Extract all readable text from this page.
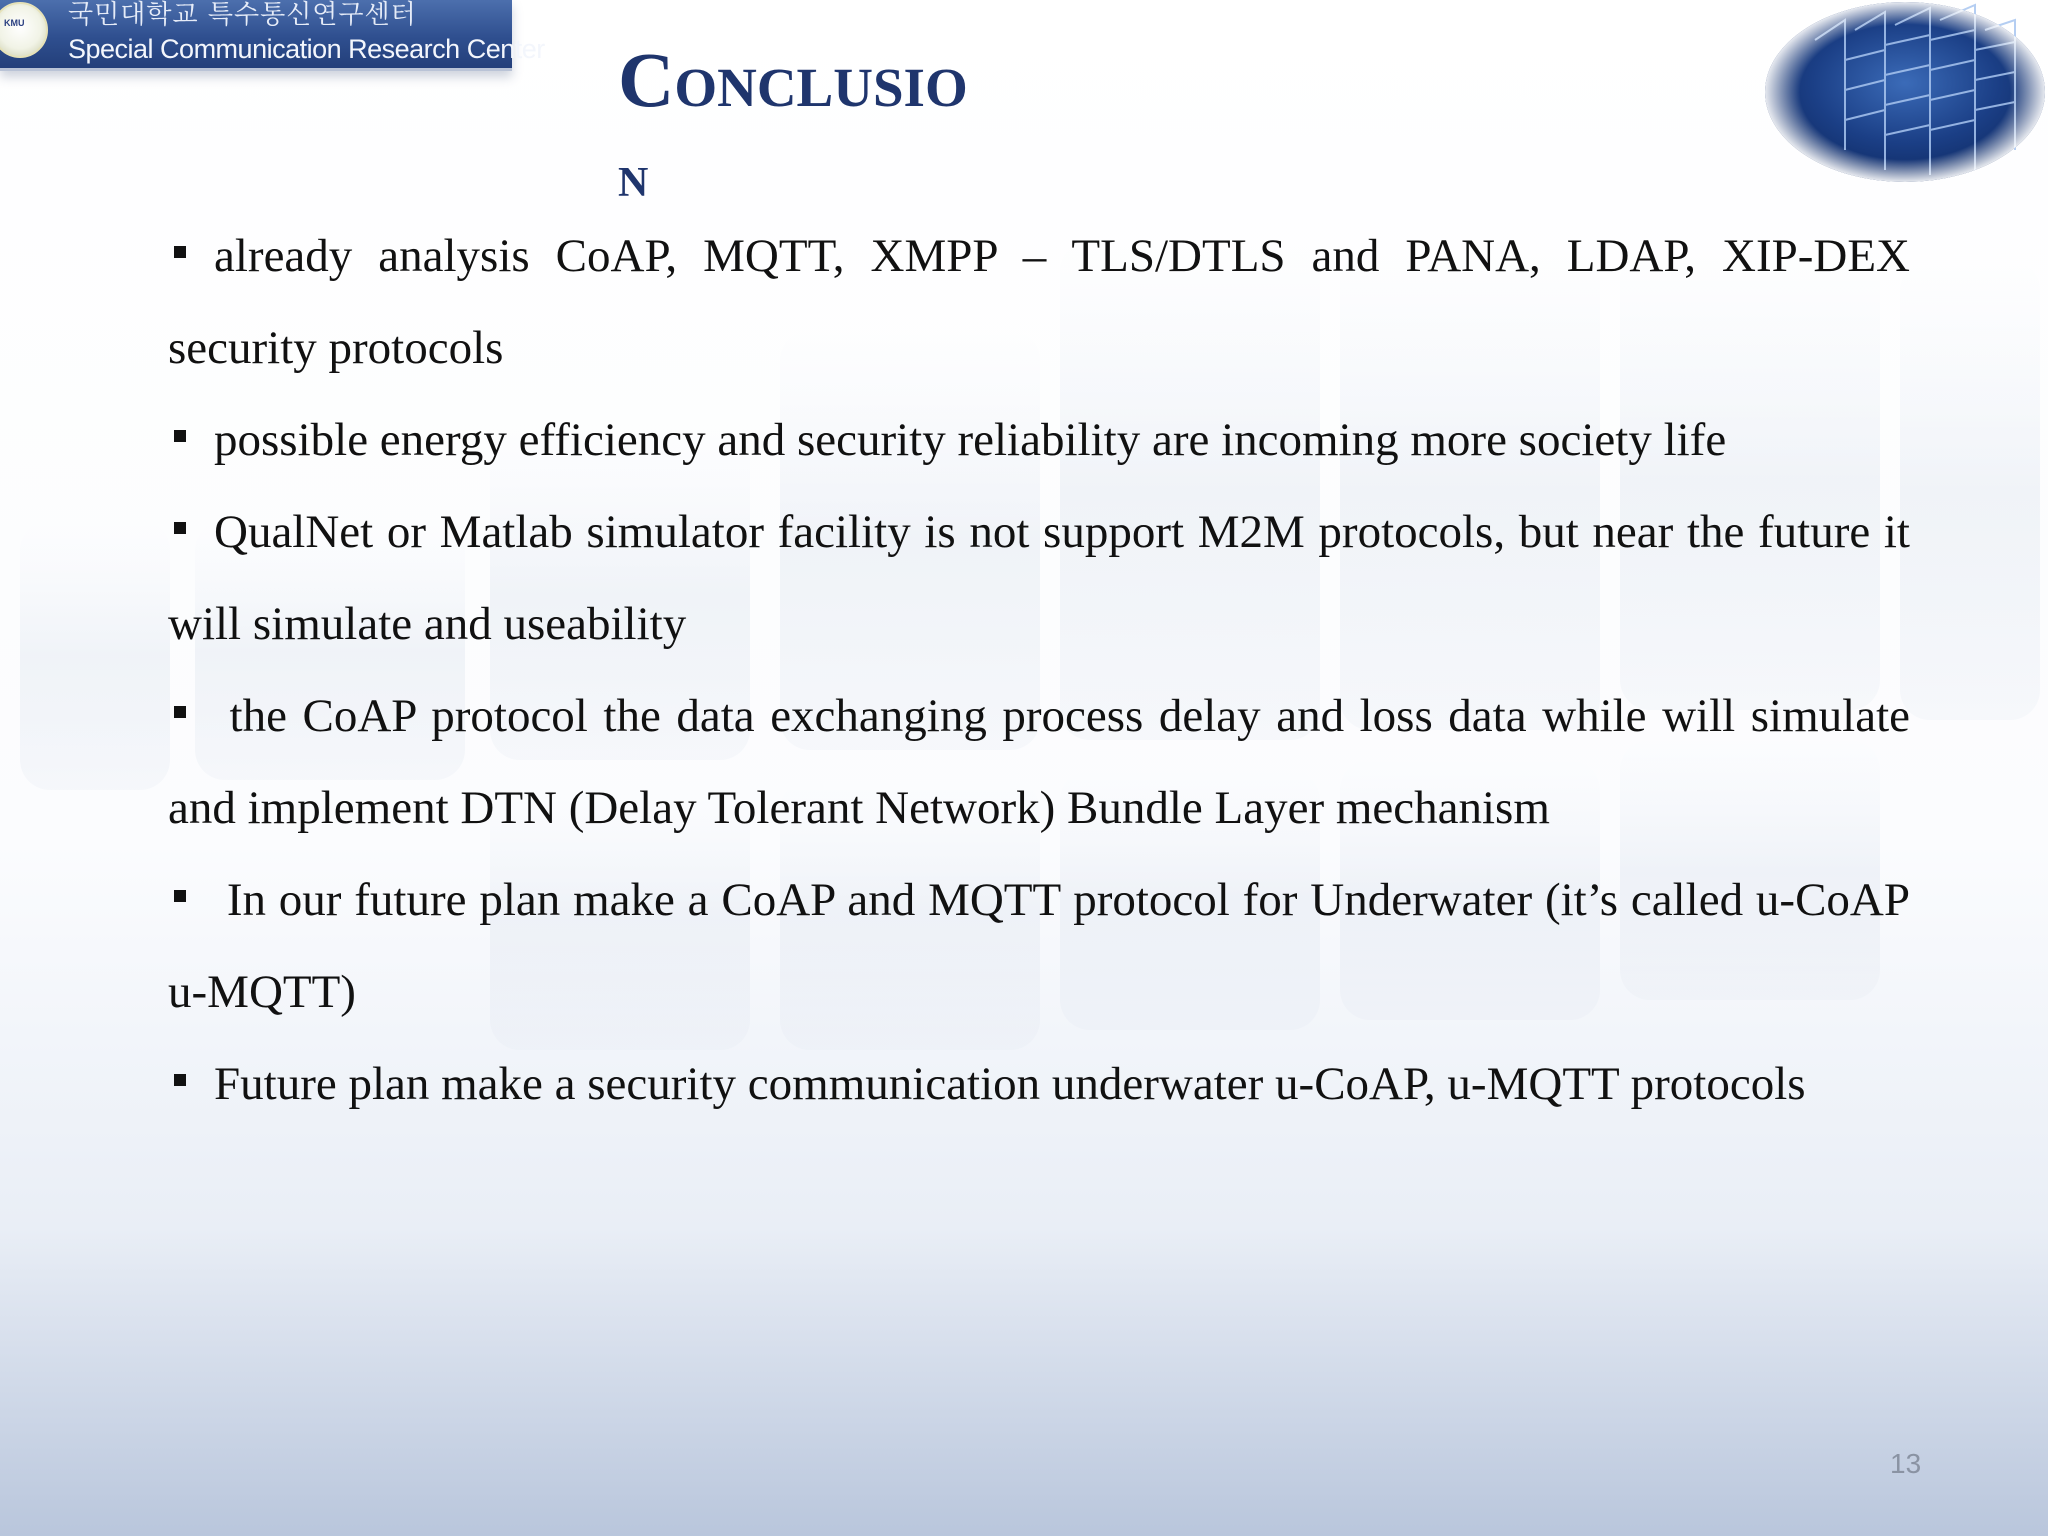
KMU 국민대학교 특수통신연구센터
Special Communication Research Center Conclusio
n

already analysis CoAP, MQTT, XMPP – TLS/DTLS and PANA, LDAP, XIP-DEX security protocols

possible energy efficiency and security reliability are incoming more society life

QualNet or Matlab simulator facility is not support M2M protocols, but near the future it will simulate and useability

the CoAP protocol the data exchanging process delay and loss data while will simulate and implement DTN (Delay Tolerant Network) Bundle Layer mechanism

In our future plan make a CoAP and MQTT protocol for Underwater (it’s called u-CoAP u-MQTT)

Future plan make a security communication underwater u-CoAP, u-MQTT protocols

13
